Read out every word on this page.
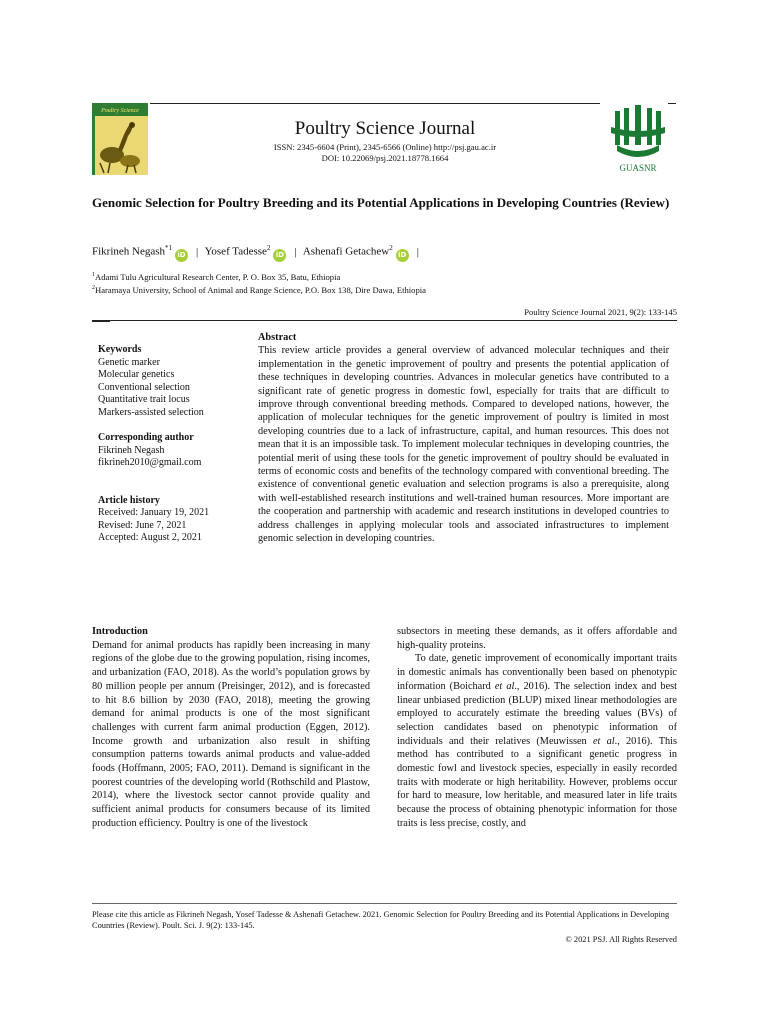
Poultry Science
Poultry Science Journal
ISSN: 2345-6604 (Print), 2345-6566 (Online) http://psj.gau.ac.ir
DOI: 10.22069/psj.2021.18778.1664
GUASNR
Genomic Selection for Poultry Breeding and its Potential Applications in Developing Countries (Review)
Fikrineh Negash$^{*1}$iD | Yosef Tadesse$^2$iD | Ashenafi Getachew$^2$iD |
$^1$Adami Tulu Agricultural Research Center, P. O. Box 35, Batu, Ethiopia
$^2$Haramaya University, School of Animal and Range Science, P.O. Box 138, Dire Dawa, Ethiopia
Poultry Science Journal 2021, 9(2): 133-145
Keywords
Genetic marker
Molecular genetics
Conventional selection
Quantitative trait locus
Markers-assisted selection
Corresponding author
Fikrineh Negash
fikrineh2010@gmail.com
Article history
Received: January 19, 2021
Revised: June 7, 2021
Accepted: August 2, 2021
Abstract

This review article provides a general overview of advanced molecular techniques and their implementation in the genetic improvement of poultry and presents the potential application of these techniques in developing countries. Advances in molecular genetics have contributed to a significant rate of genetic progress in domestic fowl, especially for traits that are difficult to improve through conventional breeding methods. Compared to developed nations, however, the application of molecular techniques for the genetic improvement of poultry is limited in most developing countries due to a lack of infrastructure, capital, and human resources. This does not mean that it is an impossible task. To implement molecular techniques in developing countries, the potential merit of using these tools for the genetic improvement of poultry should be evaluated in terms of economic costs and benefits of the technology compared with conventional breeding. The existence of conventional genetic evaluation and selection programs is also a prerequisite, along with well-established research institutions and well-trained human resources. More important are the cooperation and partnership with academic and research institutions in developed countries to address challenges in applying molecular tools and associated infrastructures to implement genomic selection in developing countries.

Introduction

Demand for animal products has rapidly been increasing in many regions of the globe due to the growing population, rising incomes, and urbanization (FAO, 2018). As the world’s population grows by 80 million people per annum (Preisinger, 2012), and is forecasted to hit 8.6 billion by 2030 (FAO, 2018), meeting the growing demand for animal products is one of the most significant challenges with current farm animal production (Eggen, 2012). Income growth and urbanization also result in shifting consumption patterns towards animal products and value-added foods (Hoffmann, 2005; FAO, 2011). Demand is significant in the poorest countries of the developing world (Rothschild and Plastow, 2014), where the livestock sector cannot provide quality and sufficient animal products for consumers because of its limited production efficiency. Poultry is one of the livestock

subsectors in meeting these demands, as it offers affordable and high-quality proteins.

To date, genetic improvement of economically important traits in domestic animals has conventionally been based on phenotypic information (Boichard et al., 2016). The selection index and best linear unbiased prediction (BLUP) mixed linear methodologies are employed to accurately estimate the breeding values (BVs) of selection candidates based on phenotypic information of individuals and their relatives (Meuwissen et al., 2016). This method has contributed to a significant genetic progress in domestic fowl and livestock species, especially in easily recorded traits with moderate or high heritability. However, problems occur for hard to measure, low heritable, and measured later in life traits because the process of obtaining phenotypic information for those traits is less precise, costly, and

Please cite this article as Fikrineh Negash, Yosef Tadesse & Ashenafi Getachew. 2021. Genomic Selection for Poultry Breeding and its Potential Applications in Developing Countries (Review). Poult. Sci. J. 9(2): 133-145.
© 2021 PSJ. All Rights Reserved
